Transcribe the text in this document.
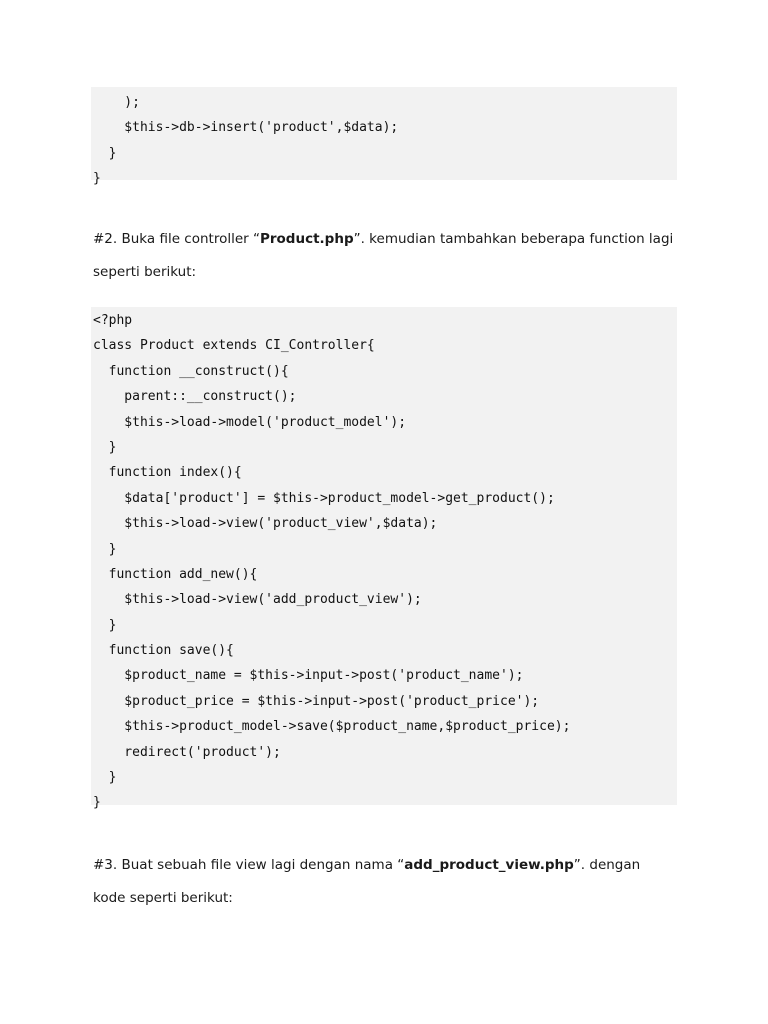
);
$this->db->insert('product',$data);
}
}
#2. Buka file controller “Product.php”. kemudian tambahkan beberapa function lagi
seperti berikut:
<?php
class Product extends CI_Controller{
function __construct(){
parent::__construct();
$this->load->model('product_model');
}
function index(){
$data['product'] = $this->product_model->get_product();
$this->load->view('product_view',$data);
}
function add_new(){
$this->load->view('add_product_view');
}
function save(){
$product_name = $this->input->post('product_name');
$product_price = $this->input->post('product_price');
$this->product_model->save($product_name,$product_price);
redirect('product');
}
}
#3. Buat sebuah file view lagi dengan nama “add_product_view.php”. dengan
kode seperti berikut:
